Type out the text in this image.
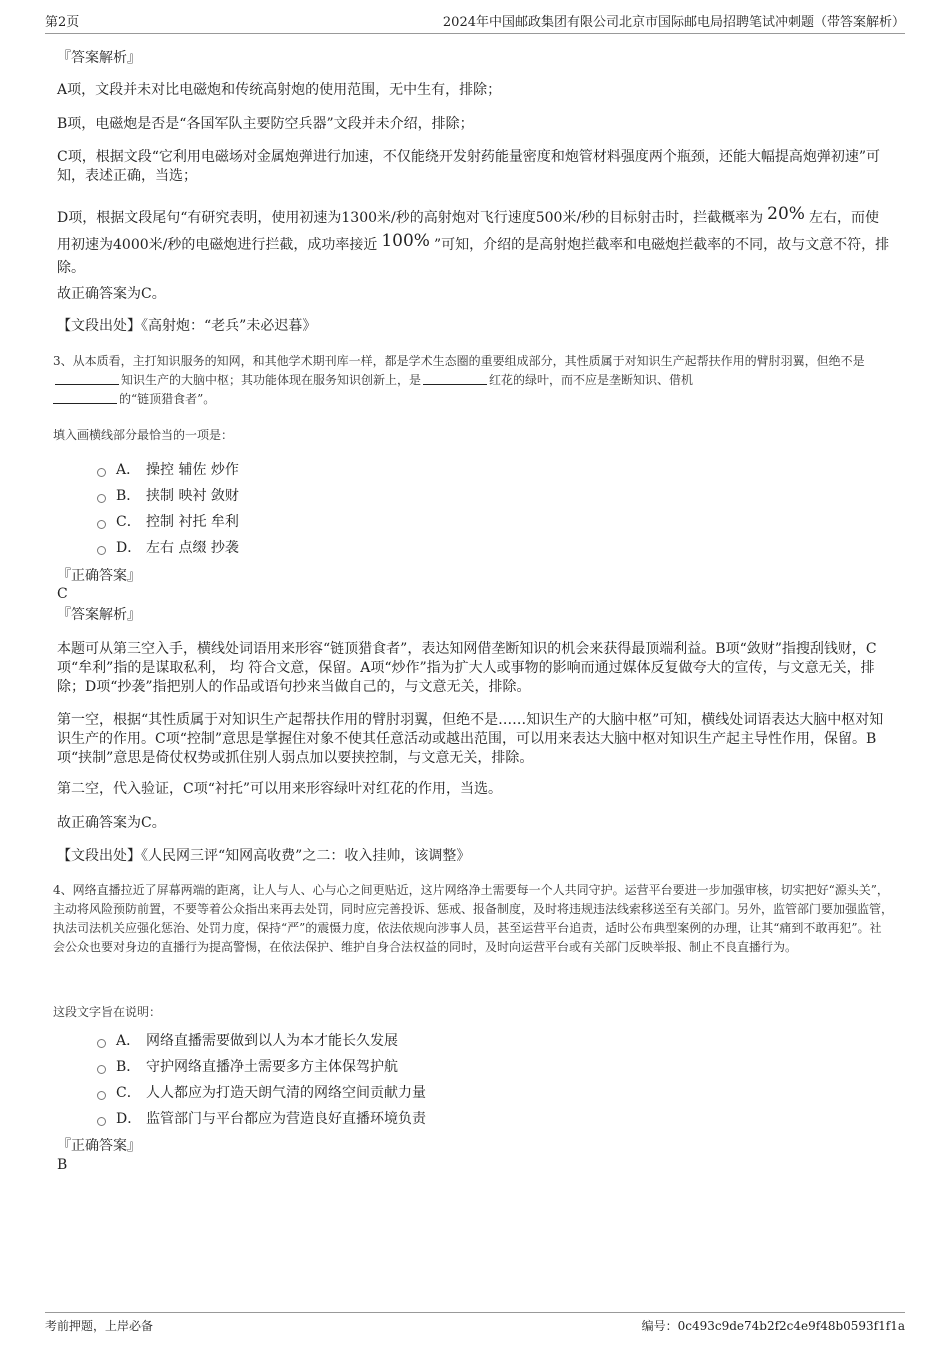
第2页	2024年中国邮政集团有限公司北京市国际邮电局招聘笔试冲刺题（带答案解析）
『答案解析』
A项，文段并未对比电磁炮和传统高射炮的使用范围，无中生有，排除；
B项，电磁炮是否是“各国军队主要防空兵器”文段并未介绍，排除；
C项，根据文段“它利用电磁场对金属炮弹进行加速，不仅能绕开发射药能量密度和炮管材料强度两个瓶颈，还能大幅提高炮弹初速”可知，表述正确，当选；
D项，根据文段尾句“有研究表明，使用初速为1300米/秒的高射炮对飞行速度500米/秒的目标射击时，拦截概率为 20% 左右，而使用初速为4000米/秒的电磁炮进行拦截，成功率接近 100% ”可知，介绍的是高射炮拦截率和电磁炮拦截率的不同，故与文意不符，排除。
故正确答案为C。
【文段出处】《高射炮：“老兵”未必迟暮》
3、从本质看，主打知识服务的知网，和其他学术期刊库一样，都是学术生态圈的重要组成部分，其性质属于对知识生产起帮扶作用的臂肘羽翼，但绝不是知识生产的大脑中枢；其功能体现在服务知识创新上，是	红花的绿叶，而不应是垄断知识、借机
的“链顶猎食者”。
填入画横线部分最恰当的一项是：
A． 操控 辅佐 炒作
B． 挟制 映衬 敛财
C． 控制 衬托 牟利
D． 左右 点缀 抄袭
『正确答案』
C
『答案解析』
本题可从第三空入手，横线处词语用来形容“链顶猎食者”，表达知网借垄断知识的机会来获得最顶端利益。B项“敛财”指搜刮钱财，C项“牟利”指的是谋取私利， 均 符合文意，保留。A项“炒作”指为扩大人或事物的影响而通过媒体反复做夸大的宣传，与文意无关，排除；D项“抄袭”指把别人的作品或语句抄来当做自己的，与文意无关，排除。
第一空，根据“其性质属于对知识生产起帮扶作用的臂肘羽翼，但绝不是……知识生产的大脑中枢”可知，横线处词语表达大脑中枢对知识生产的作用。C项“控制”意思是掌握住对象不使其任意活动或越出范围，可以用来表达大脑中枢对知识生产起主导性作用，保留。B项“挟制”意思是倚仗权势或抓住别人弱点加以要挟控制，与文意无关，排除。
第二空，代入验证，C项“衬托”可以用来形容绿叶对红花的作用，当选。
故正确答案为C。
【文段出处】《人民网三评“知网高收费”之二：收入挂帅，该调整》
4、网络直播拉近了屏幕两端的距离，让人与人、心与心之间更贴近，这片网络净土需要每一个人共同守护。运营平台要进一步加强审核，切实把好“源头关”，主动将风险预防前置，不要等着公众指出来再去处罚，同时应完善投诉、惩戒、报备制度，及时将违规违法线索移送至有关部门。另外，监管部门要加强监管，执法司法机关应强化惩治、处罚力度，保持“严”的震慑力度，依法依规向涉事人员，甚至运营平台追责，适时公布典型案例的办理，让其“痛到不敢再犯”。社会公众也要对身边的直播行为提高警惕，在依法保护、维护自身合法权益的同时，及时向运营平台或有关部门反映举报、制止不良直播行为。
这段文字旨在说明：
A． 网络直播需要做到以人为本才能长久发展
B． 守护网络直播净土需要多方主体保驾护航
C． 人人都应为打造天朗气清的网络空间贡献力量
D． 监管部门与平台都应为营造良好直播环境负责
『正确答案』
B
考前押题，上岸必备	编号：0c493c9de74b2f2c4e9f48b0593f1f1a
